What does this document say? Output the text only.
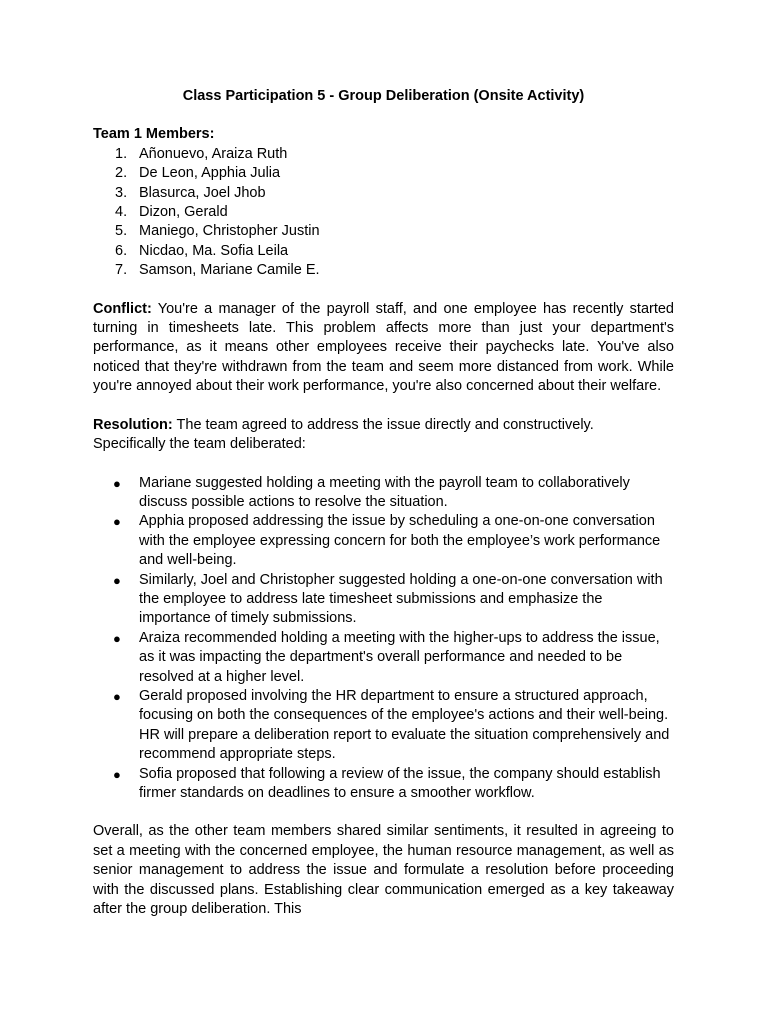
Class Participation 5 - Group Deliberation (Onsite Activity)

Team 1 Members:
1. Añonuevo, Araiza Ruth
2. De Leon, Apphia Julia
3. Blasurca, Joel Jhob
4. Dizon, Gerald
5. Maniego, Christopher Justin
6. Nicdao, Ma. Sofia Leila
7. Samson, Mariane Camile E.

Conflict: You're a manager of the payroll staff, and one employee has recently started turning in timesheets late. This problem affects more than just your department's performance, as it means other employees receive their paychecks late. You've also noticed that they're withdrawn from the team and seem more distanced from work. While you're annoyed about their work performance, you're also concerned about their welfare.

Resolution: The team agreed to address the issue directly and constructively.
Specifically the team deliberated:

● Mariane suggested holding a meeting with the payroll team to collaboratively discuss possible actions to resolve the situation.
● Apphia proposed addressing the issue by scheduling a one-on-one conversation with the employee expressing concern for both the employee’s work performance and well-being.
● Similarly, Joel and Christopher suggested holding a one-on-one conversation with the employee to address late timesheet submissions and emphasize the importance of timely submissions.
● Araiza recommended holding a meeting with the higher-ups to address the issue, as it was impacting the department's overall performance and needed to be resolved at a higher level.
● Gerald proposed involving the HR department to ensure a structured approach, focusing on both the consequences of the employee's actions and their well-being. HR will prepare a deliberation report to evaluate the situation comprehensively and recommend appropriate steps.
● Sofia proposed that following a review of the issue, the company should establish firmer standards on deadlines to ensure a smoother workflow.

Overall, as the other team members shared similar sentiments, it resulted in agreeing to set a meeting with the concerned employee, the human resource management, as well as senior management to address the issue and formulate a resolution before proceeding with the discussed plans. Establishing clear communication emerged as a key takeaway after the group deliberation. This
